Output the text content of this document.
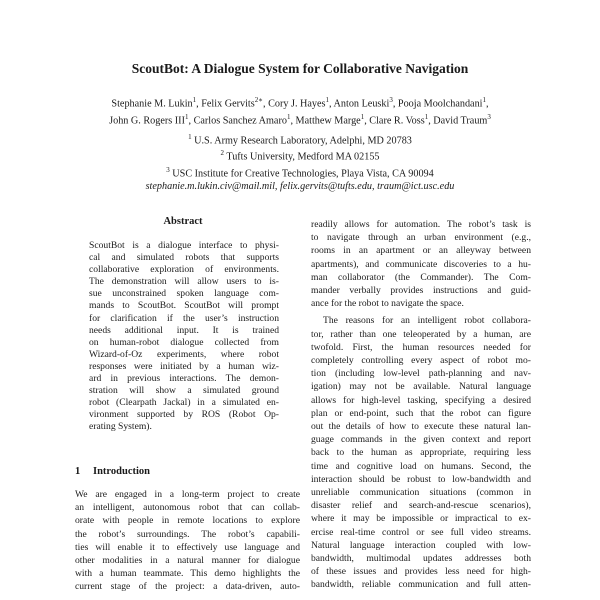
ScoutBot: A Dialogue System for Collaborative Navigation
Stephanie M. Lukin$^1$, Felix Gervits$^{2∗}$, Cory J. Hayes$^1$, Anton Leuski$^3$, Pooja Moolchandani$^1$,
John G. Rogers III$^1$, Carlos Sanchez Amaro$^1$, Matthew Marge$^1$, Clare R. Voss$^1$, David Traum$^3$
$^1$ U.S. Army Research Laboratory, Adelphi, MD 20783
$^2$ Tufts University, Medford MA 02155
$^3$ USC Institute for Creative Technologies, Playa Vista, CA 90094
stephanie.m.lukin.civ@mail.mil, felix.gervits@tufts.edu, traum@ict.usc.edu
Abstract
ScoutBot is a dialogue interface to physi-
cal and simulated robots that supports
collaborative exploration of environments.
The demonstration will allow users to is-
sue unconstrained spoken language com-
mands to ScoutBot. ScoutBot will prompt
for clarification if the user’s instruction
needs additional input. It is trained
on human-robot dialogue collected from
Wizard-of-Oz experiments, where robot
responses were initiated by a human wiz-
ard in previous interactions. The demon-
stration will show a simulated ground
robot (Clearpath Jackal) in a simulated en-
vironment supported by ROS (Robot Op-
erating System).
1 Introduction
We are engaged in a long-term project to create
an intelligent, autonomous robot that can collab-
orate with people in remote locations to explore
the robot’s surroundings. The robot’s capabili-
ties will enable it to effectively use language and
other modalities in a natural manner for dialogue
with a human teammate. This demo highlights the
current stage of the project: a data-driven, auto-
readily allows for automation. The robot’s task is
to navigate through an urban environment (e.g.,
rooms in an apartment or an alleyway between
apartments), and communicate discoveries to a hu-
man collaborator (the Commander). The Com-
mander verbally provides instructions and guid-
ance for the robot to navigate the space.
The reasons for an intelligent robot collabora-
tor, rather than one teleoperated by a human, are
twofold. First, the human resources needed for
completely controlling every aspect of robot mo-
tion (including low-level path-planning and nav-
igation) may not be available. Natural language
allows for high-level tasking, specifying a desired
plan or end-point, such that the robot can figure
out the details of how to execute these natural lan-
guage commands in the given context and report
back to the human as appropriate, requiring less
time and cognitive load on humans. Second, the
interaction should be robust to low-bandwidth and
unreliable communication situations (common in
disaster relief and search-and-rescue scenarios),
where it may be impossible or impractical to ex-
ercise real-time control or see full video streams.
Natural language interaction coupled with low-
bandwidth, multimodal updates addresses both
of these issues and provides less need for high-
bandwidth, reliable communication and full atten-
